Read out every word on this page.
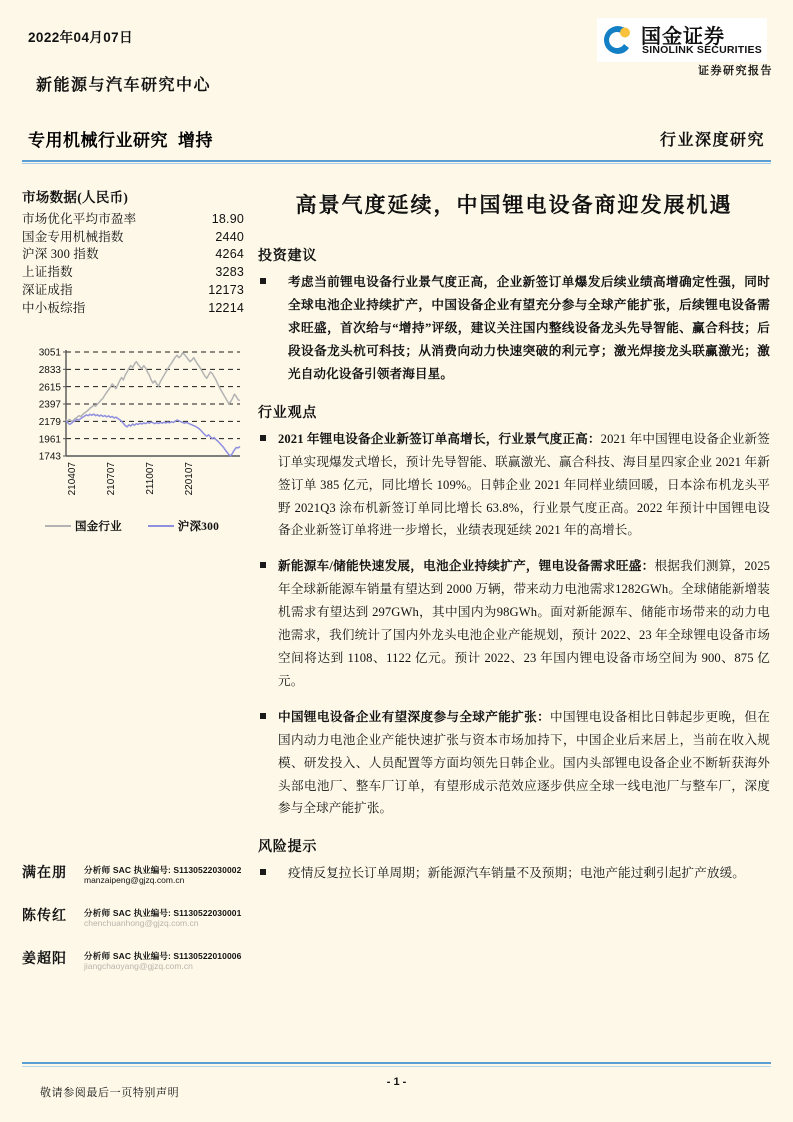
2022年04月07日
新能源与汽车研究中心
专用机械行业研究 增持	行业深度研究
国金证券
SINOLINK SECURITIES
证券研究报告
市场数据(人民币)
市场优化平均市盈率	18.90
国金专用机械指数	2440
沪深 300 指数	4264
上证指数	3283
深证成指	12173
中小板综指	12214
3051
2833
2615
2397
2179
1961
1743
210407	210707	211007	220107
国金行业	沪深300
满在朋 分析师 SAC 执业编号: S1130522030002
manzaipeng@gjzq.com.cn
陈传红 分析师 SAC 执业编号: S1130522030001
chenchuanhong@gjzq.com.cn
姜超阳 分析师 SAC 执业编号: S1130522010006
jiangchaoyang@gjzq.com.cn
高景气度延续，中国锂电设备商迎发展机遇
投资建议
考虑当前锂电设备行业景气度正高，企业新签订单爆发后续业绩高增确定性强，同时全球电池企业持续扩产，中国设备企业有望充分参与全球产能扩张，后续锂电设备需求旺盛，首次给与“增持”评级，建议关注国内整线设备龙头先导智能、赢合科技；后段设备龙头杭可科技；从消费向动力快速突破的利元亨；激光焊接龙头联赢激光；激光自动化设备引领者海目星。
行业观点
2021 年锂电设备企业新签订单高增长，行业景气度正高：2021 年中国锂电设备企业新签订单实现爆发式增长，预计先导智能、联赢激光、赢合科技、海目星四家企业 2021 年新签订单 385 亿元，同比增长 109%。日韩企业 2021 年同样业绩回暖，日本涂布机龙头平野 2021Q3 涂布机新签订单同比增长 63.8%，行业景气度正高。2022 年预计中国锂电设备企业新签订单将进一步增长，业绩表现延续 2021 年的高增长。
新能源车/储能快速发展，电池企业持续扩产，锂电设备需求旺盛：根据我们测算，2025 年全球新能源车销量有望达到 2000 万辆，带来动力电池需求1282GWh。全球储能新增装机需求有望达到 297GWh，其中国内为98GWh。面对新能源车、储能市场带来的动力电池需求，我们统计了国内外龙头电池企业产能规划，预计 2022、23 年全球锂电设备市场空间将达到 1108、1122 亿元。预计 2022、23 年国内锂电设备市场空间为 900、875 亿元。
中国锂电设备企业有望深度参与全球产能扩张：中国锂电设备相比日韩起步更晚，但在国内动力电池企业产能快速扩张与资本市场加持下，中国企业后来居上，当前在收入规模、研发投入、人员配置等方面均领先日韩企业。国内头部锂电设备企业不断斩获海外头部电池厂、整车厂订单，有望形成示范效应逐步供应全球一线电池厂与整车厂，深度参与全球产能扩张。
风险提示
疫情反复拉长订单周期；新能源汽车销量不及预期；电池产能过剩引起扩产放缓。
- 1 -
敬请参阅最后一页特别声明
